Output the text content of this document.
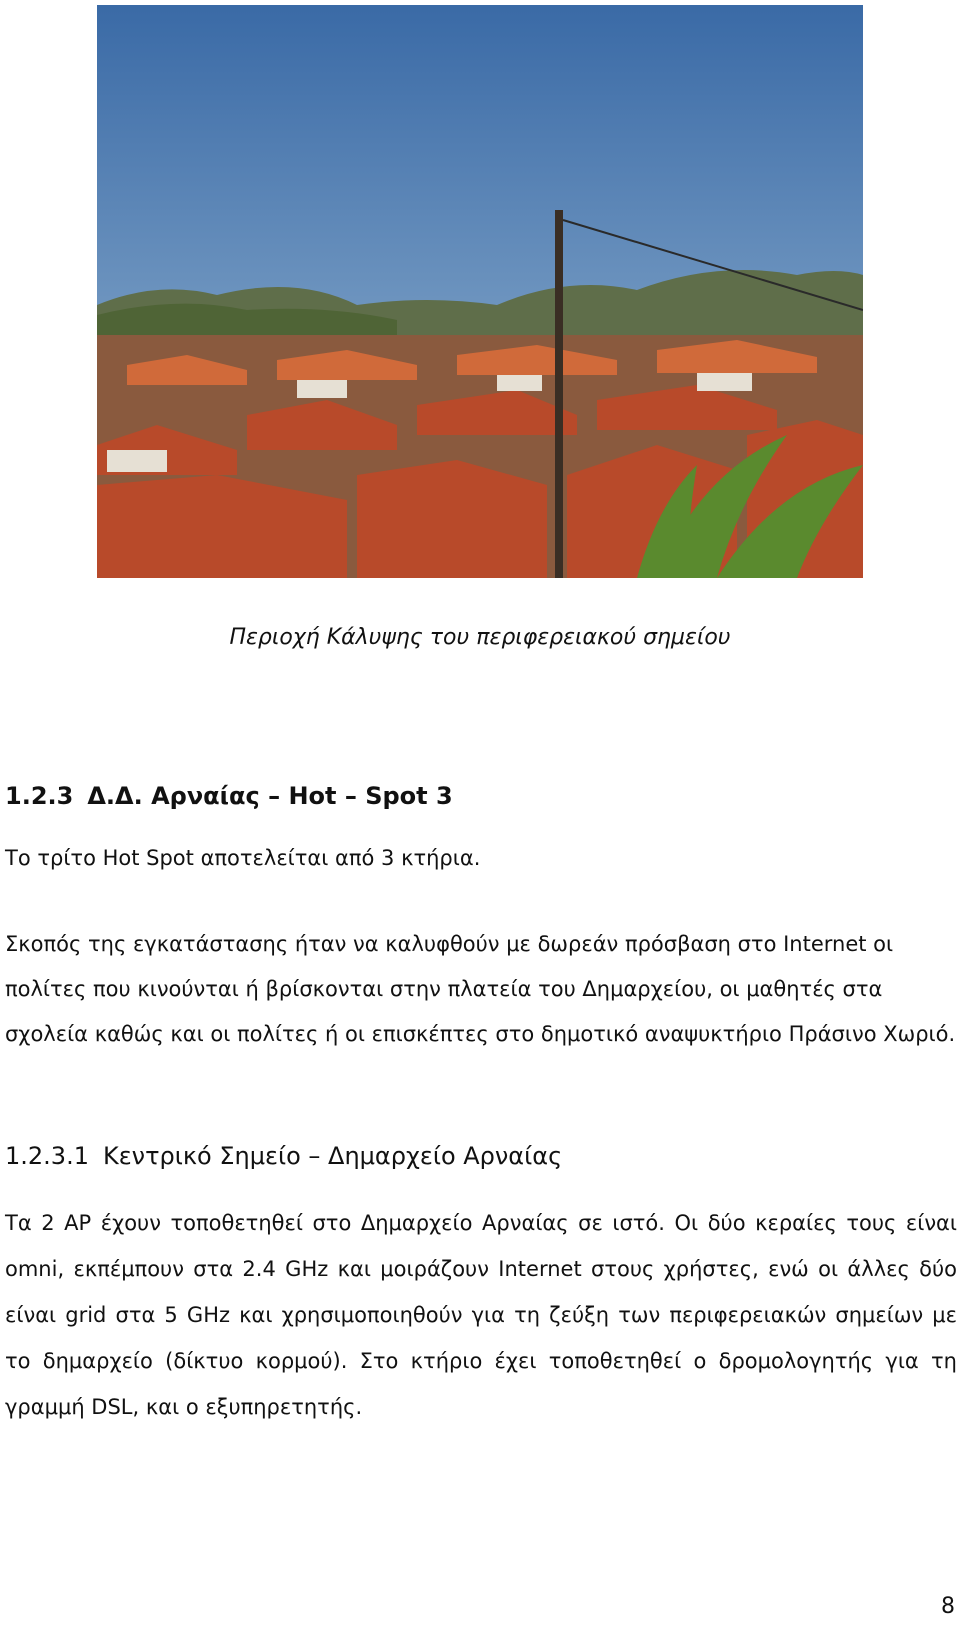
Περιοχή Κάλυψης του περιφερειακού σημείου
1.2.3 Δ.Δ. Αρναίας – Hot – Spot 3
Το τρίτο Hot Spot αποτελείται από 3 κτήρια.
Σκοπός της εγκατάστασης ήταν να καλυφθούν με δωρεάν πρόσβαση στο Internet οι πολίτες που κινούνται ή βρίσκονται στην πλατεία του Δημαρχείου, οι μαθητές στα σχολεία καθώς και οι πολίτες ή οι επισκέπτες στο δημοτικό αναψυκτήριο Πράσινο Χωριό.
1.2.3.1 Κεντρικό Σημείο – Δημαρχείο Αρναίας
Τα 2 AP έχουν τοποθετηθεί στο Δημαρχείο Αρναίας σε ιστό. Οι δύο κεραίες τους είναι omni, εκπέμπουν στα 2.4 GHz και μοιράζουν Internet στους χρήστες, ενώ οι άλλες δύο είναι grid στα 5 GHz και χρησιμοποιηθούν για τη ζεύξη των περιφερειακών σημείων με το δημαρχείο (δίκτυο κορμού). Στο κτήριο έχει τοποθετηθεί ο δρομολογητής για τη γραμμή DSL, και ο εξυπηρετητής.
8
